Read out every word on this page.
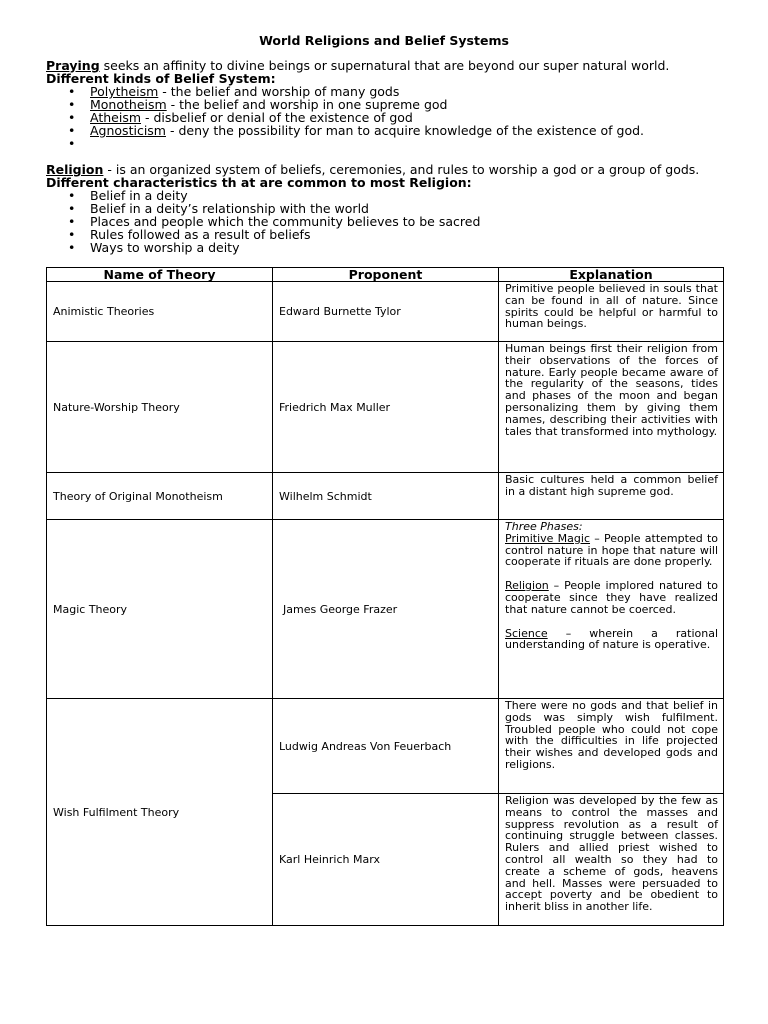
World Religions and Belief Systems

Praying seeks an affinity to divine beings or supernatural that are beyond our super natural world.

Different kinds of Belief System:

• Polytheism - the belief and worship of many gods
• Monotheism - the belief and worship in one supreme god
• Atheism - disbelief or denial of the existence of god
• Agnosticism - deny the possibility for man to acquire knowledge of the existence of god.
•

Religion - is an organized system of beliefs, ceremonies, and rules to worship a god or a group of gods.

Different characteristics th at are common to most Religion:

• Belief in a deity
• Belief in a deity’s relationship with the world
• Places and people which the community believes to be sacred
• Rules followed as a result of beliefs
• Ways to worship a deity
Name of Theory	Proponent	Explanation
Animistic Theories	Edward Burnette Tylor	Primitive people believed in souls that can be found in all of nature. Since spirits could be helpful or harmful to human beings.
Nature-Worship Theory	Friedrich Max Muller	Human beings first their religion from their observations of the forces of nature. Early people became aware of the regularity of the seasons, tides and phases of the moon and began personalizing them by giving them names, describing their activities with tales that transformed into mythology.
Theory of Original Monotheism	Wilhelm Schmidt	Basic cultures held a common belief in a distant high supreme god.
Magic Theory	James George Frazer	Three Phases:
Primitive Magic – People attempted to control nature in hope that nature will cooperate if rituals are done properly.
Religion – People implored natured to cooperate since they have realized that nature cannot be coerced.
Science – wherein a rational understanding of nature is operative.

Wish Fulfilment Theory	Ludwig Andreas Von Feuerbach	There were no gods and that belief in gods was simply wish fulfilment. Troubled people who could not cope with the difficulties in life projected their wishes and developed gods and religions.
	Karl Heinrich Marx	Religion was developed by the few as means to control the masses and suppress revolution as a result of continuing struggle between classes. Rulers and allied priest wished to control all wealth so they had to create a scheme of gods, heavens and hell. Masses were persuaded to accept poverty and be obedient to inherit bliss in another life.
